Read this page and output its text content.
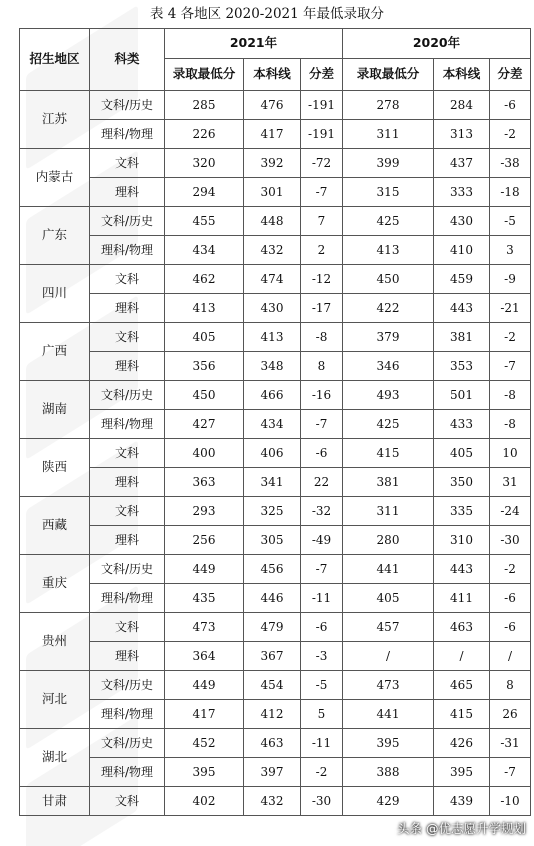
表 4 各地区 2020-2021 年最低录取分
招生地区	科类	2021年			2020年		
		录取最低分	本科线	分差	录取最低分	本科线	分差
江苏	文科/历史	285	476	-191	278	284	-6
	理科/物理	226	417	-191	311	313	-2
内蒙古	文科	320	392	-72	399	437	-38
	理科	294	301	-7	315	333	-18
广东	文科/历史	455	448	7	425	430	-5
	理科/物理	434	432	2	413	410	3
四川	文科	462	474	-12	450	459	-9
	理科	413	430	-17	422	443	-21
广西	文科	405	413	-8	379	381	-2
	理科	356	348	8	346	353	-7
湖南	文科/历史	450	466	-16	493	501	-8
	理科/物理	427	434	-7	425	433	-8
陕西	文科	400	406	-6	415	405	10
	理科	363	341	22	381	350	31
西藏	文科	293	325	-32	311	335	-24
	理科	256	305	-49	280	310	-30
重庆	文科/历史	449	456	-7	441	443	-2
	理科/物理	435	446	-11	405	411	-6
贵州	文科	473	479	-6	457	463	-6
	理科	364	367	-3	/	/	/
河北	文科/历史	449	454	-5	473	465	8
	理科/物理	417	412	5	441	415	26
湖北	文科/历史	452	463	-11	395	426	-31
	理科/物理	395	397	-2	388	395	-7
甘肃	文科	402	432	-30	429	439	-10
头条 @优志愿升学规划
